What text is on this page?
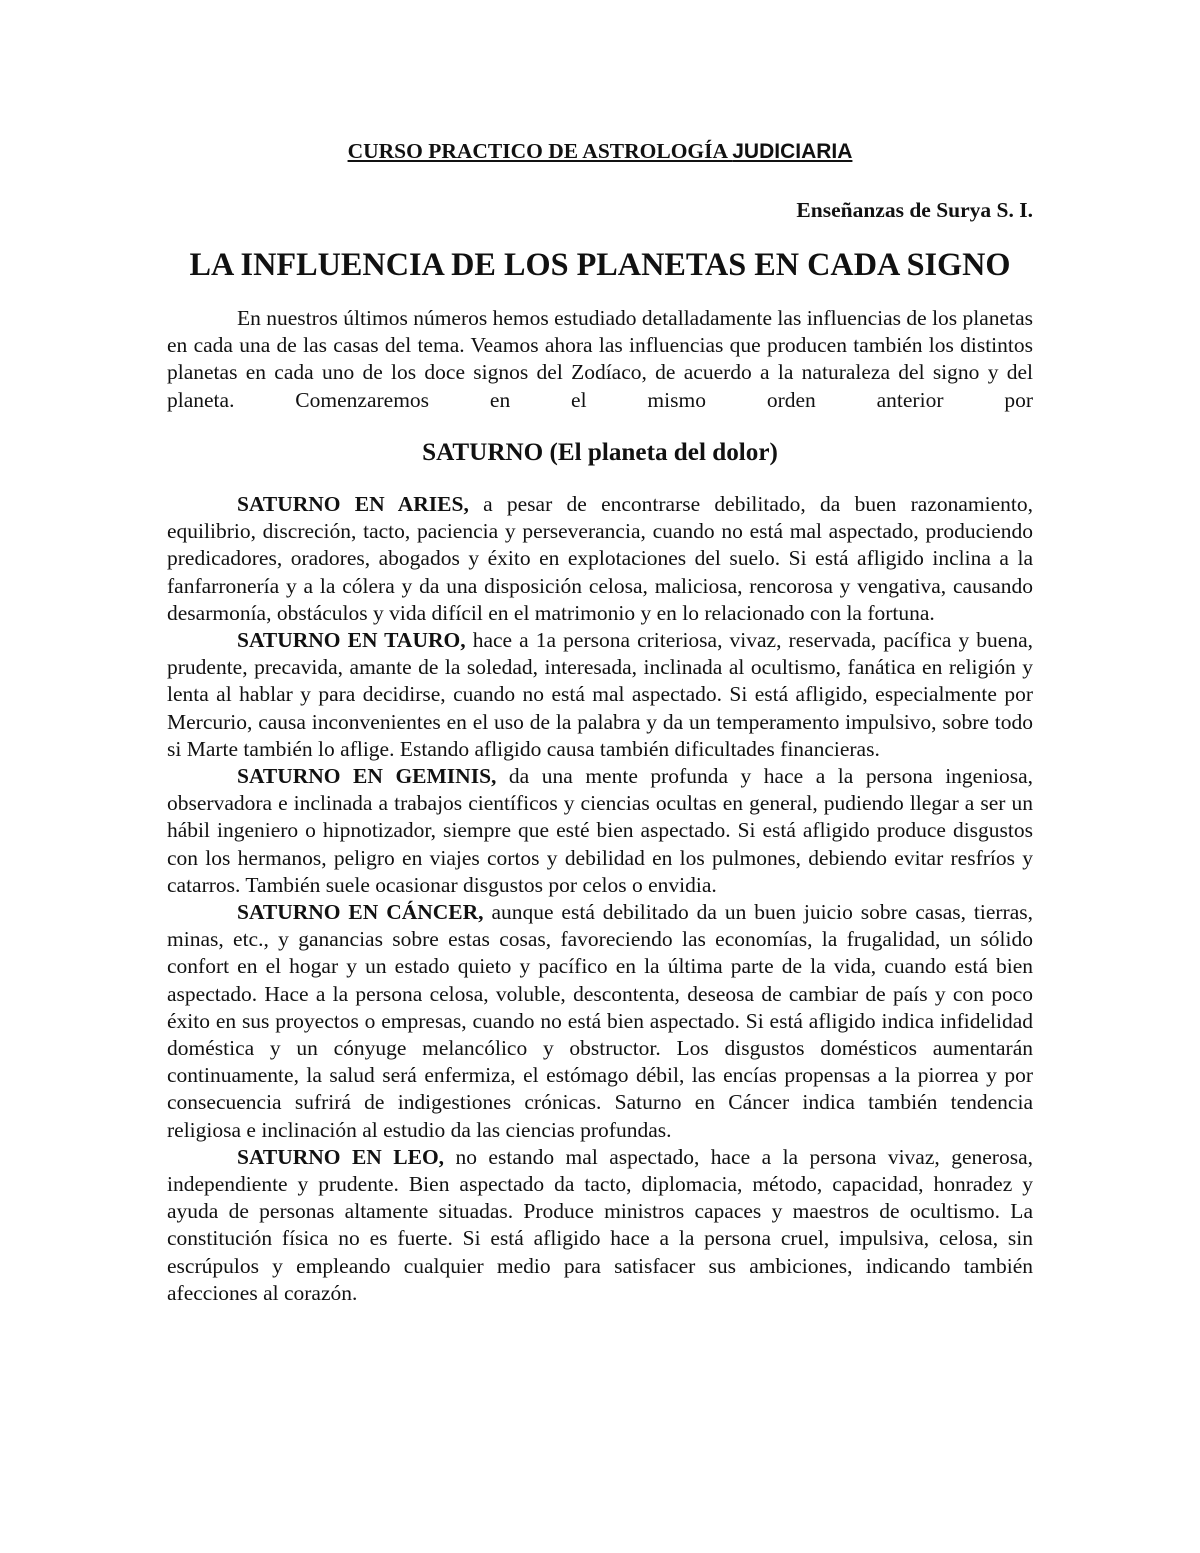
CURSO PRACTICO DE ASTROLOGÍA JUDICIARIA

Enseñanzas de Surya S. I.

LA INFLUENCIA DE LOS PLANETAS EN CADA SIGNO

En nuestros últimos números hemos estudiado detalladamente las influencias de los planetas en cada una de las casas del tema. Veamos ahora las influencias que producen también los distintos planetas en cada uno de los doce signos del Zodíaco, de acuerdo a la naturaleza del signo y del planeta. Comenzaremos en el mismo orden anterior por

SATURNO (El planeta del dolor)

SATURNO EN ARIES, a pesar de encontrarse debilitado, da buen razonamiento, equilibrio, discreción, tacto, paciencia y perseverancia, cuando no está mal aspectado, produciendo predicadores, oradores, abogados y éxito en explotaciones del suelo. Si está afligido inclina a la fanfarronería y a la cólera y da una disposición celosa, maliciosa, rencorosa y vengativa, causando desarmonía, obstáculos y vida difícil en el matrimonio y en lo relacionado con la fortuna.

SATURNO EN TAURO, hace a 1a persona criteriosa, vivaz, reservada, pacífica y buena, prudente, precavida, amante de la soledad, interesada, inclinada al ocultismo, fanática en religión y lenta al hablar y para decidirse, cuando no está mal aspectado. Si está afligido, especialmente por Mercurio, causa inconvenientes en el uso de la palabra y da un temperamento impulsivo, sobre todo si Marte también lo aflige. Estando afligido causa también dificultades financieras.

SATURNO EN GEMINIS, da una mente profunda y hace a la persona ingeniosa, observadora e inclinada a trabajos científicos y ciencias ocultas en general, pudiendo llegar a ser un hábil ingeniero o hipnotizador, siempre que esté bien aspectado. Si está afligido produce disgustos con los hermanos, peligro en viajes cortos y debilidad en los pulmones, debiendo evitar resfríos y catarros. También suele ocasionar disgustos por celos o envidia.

SATURNO EN CÁNCER, aunque está debilitado da un buen juicio sobre casas, tierras, minas, etc., y ganancias sobre estas cosas, favoreciendo las economías, la frugalidad, un sólido confort en el hogar y un estado quieto y pacífico en la última parte de la vida, cuando está bien aspectado. Hace a la persona celosa, voluble, descontenta, deseosa de cambiar de país y con poco éxito en sus proyectos o empresas, cuando no está bien aspectado. Si está afligido indica infidelidad doméstica y un cónyuge melancólico y obstructor. Los disgustos domésticos aumentarán continuamente, la salud será enfermiza, el estómago débil, las encías propensas a la piorrea y por consecuencia sufrirá de indigestiones crónicas. Saturno en Cáncer indica también tendencia religiosa e inclinación al estudio da las ciencias profundas.

SATURNO EN LEO, no estando mal aspectado, hace a la persona vivaz, generosa, independiente y prudente. Bien aspectado da tacto, diplomacia, método, capacidad, honradez y ayuda de personas altamente situadas. Produce ministros capaces y maestros de ocultismo. La constitución física no es fuerte. Si está afligido hace a la persona cruel, impulsiva, celosa, sin escrúpulos y empleando cualquier medio para satisfacer sus ambiciones, indicando también afecciones al corazón.
